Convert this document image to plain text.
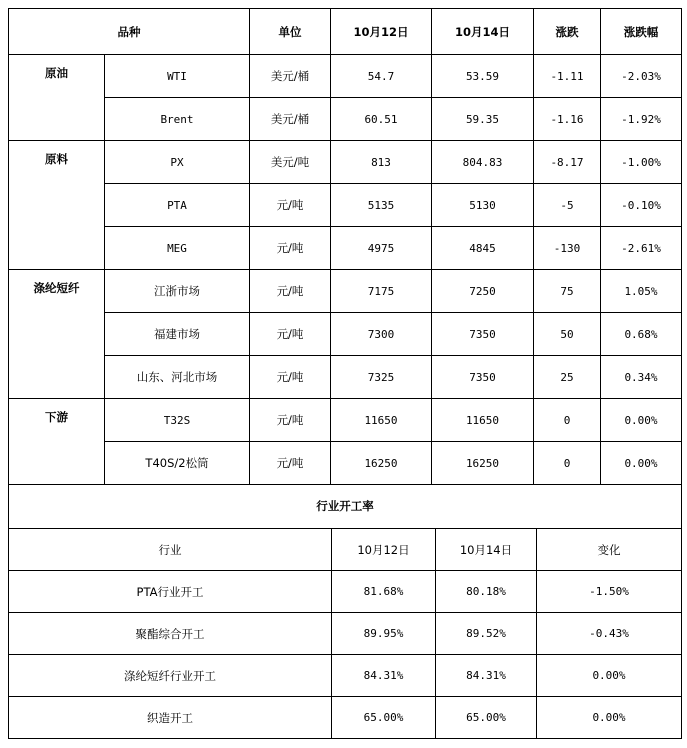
品种		单位	10月12日	10月14日	涨跌	涨跌幅
原油	WTI	美元/桶	54.7	53.59	-1.11	-2.03%
	Brent	美元/桶	60.51	59.35	-1.16	-1.92%
原料	PX	美元/吨	813	804.83	-8.17	-1.00%
	PTA	元/吨	5135	5130	-5	-0.10%
	MEG	元/吨	4975	4845	-130	-2.61%
涤纶短纤	江浙市场	元/吨	7175	7250	75	1.05%
	福建市场	元/吨	7300	7350	50	0.68%
	山东、河北市场	元/吨	7325	7350	25	0.34%
下游	T32S	元/吨	11650	11650	0	0.00%
	T40S/2松筒	元/吨	16250	16250	0	0.00%
行业开工率			
行业	10月12日	10月14日	变化
PTA行业开工	81.68%	80.18%	-1.50%
聚酯综合开工	89.95%	89.52%	-0.43%
涤纶短纤行业开工	84.31%	84.31%	0.00%
织造开工	65.00%	65.00%	0.00%
